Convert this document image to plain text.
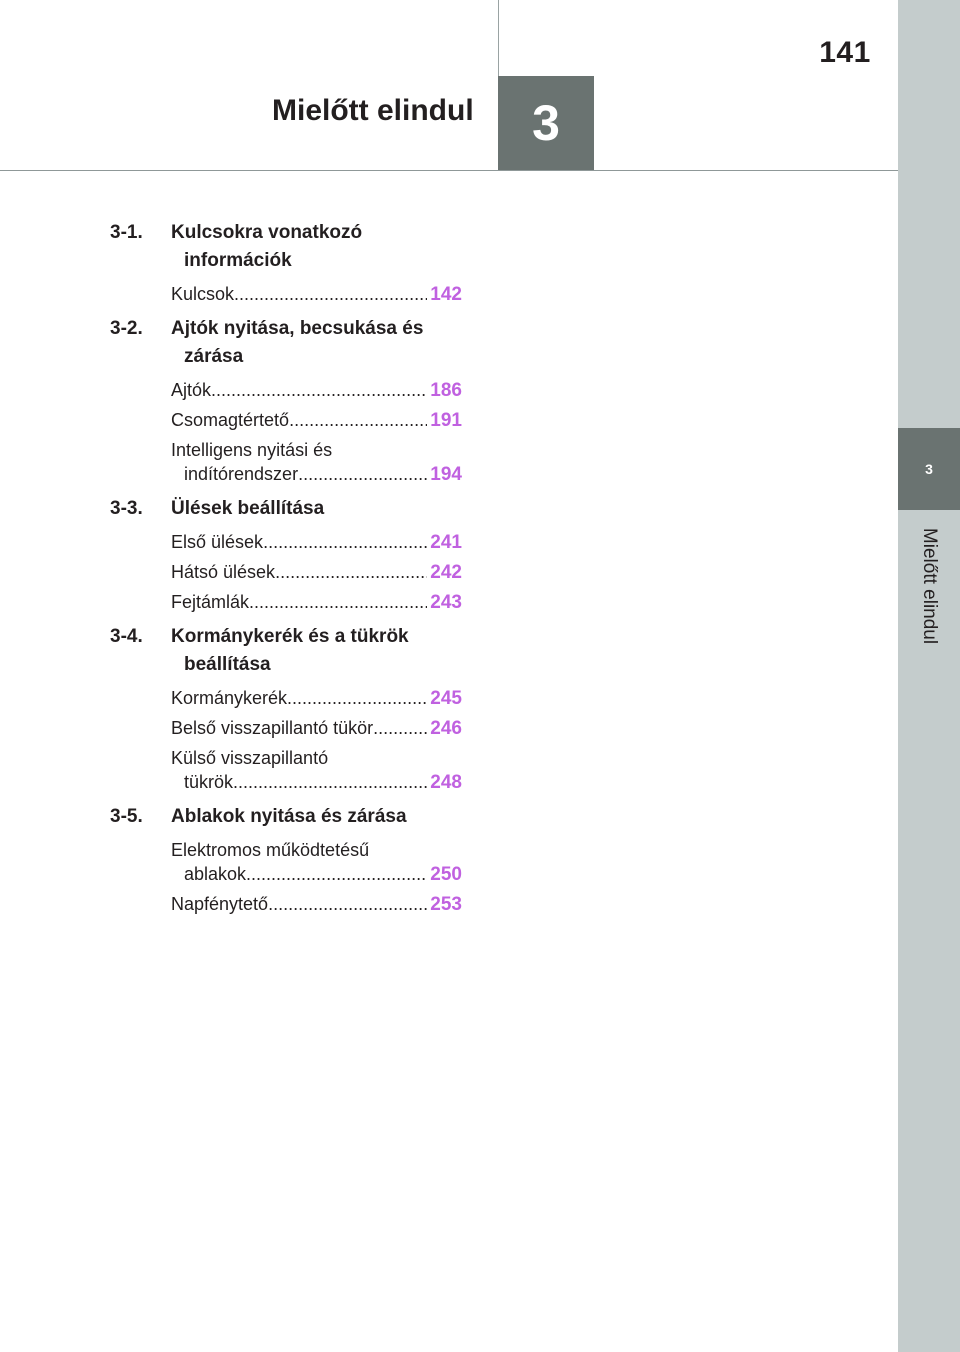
141
Mielőtt elindul	3
3
Mielőtt elindul
3-1.	Kulcsokra vonatkozó információk
Kulcsok .....	142
3-2.	Ajtók nyitása, becsukása és zárása
Ajtók .....	186
Csomagtértető .....	191
Intelligens nyitási és
indítórendszer .....	194
3-3.	Ülések beállítása
Első ülések .....	241
Hátsó ülések .....	242
Fejtámlák .....	243
3-4.	Kormánykerék és a tükrök beállítása
Kormánykerék .....	245
Belső visszapillantó tükör .....	246
Külső visszapillantó
tükrök .....	248
3-5.	Ablakok nyitása és zárása
Elektromos működtetésű
ablakok .....	250
Napfénytető .....	253
